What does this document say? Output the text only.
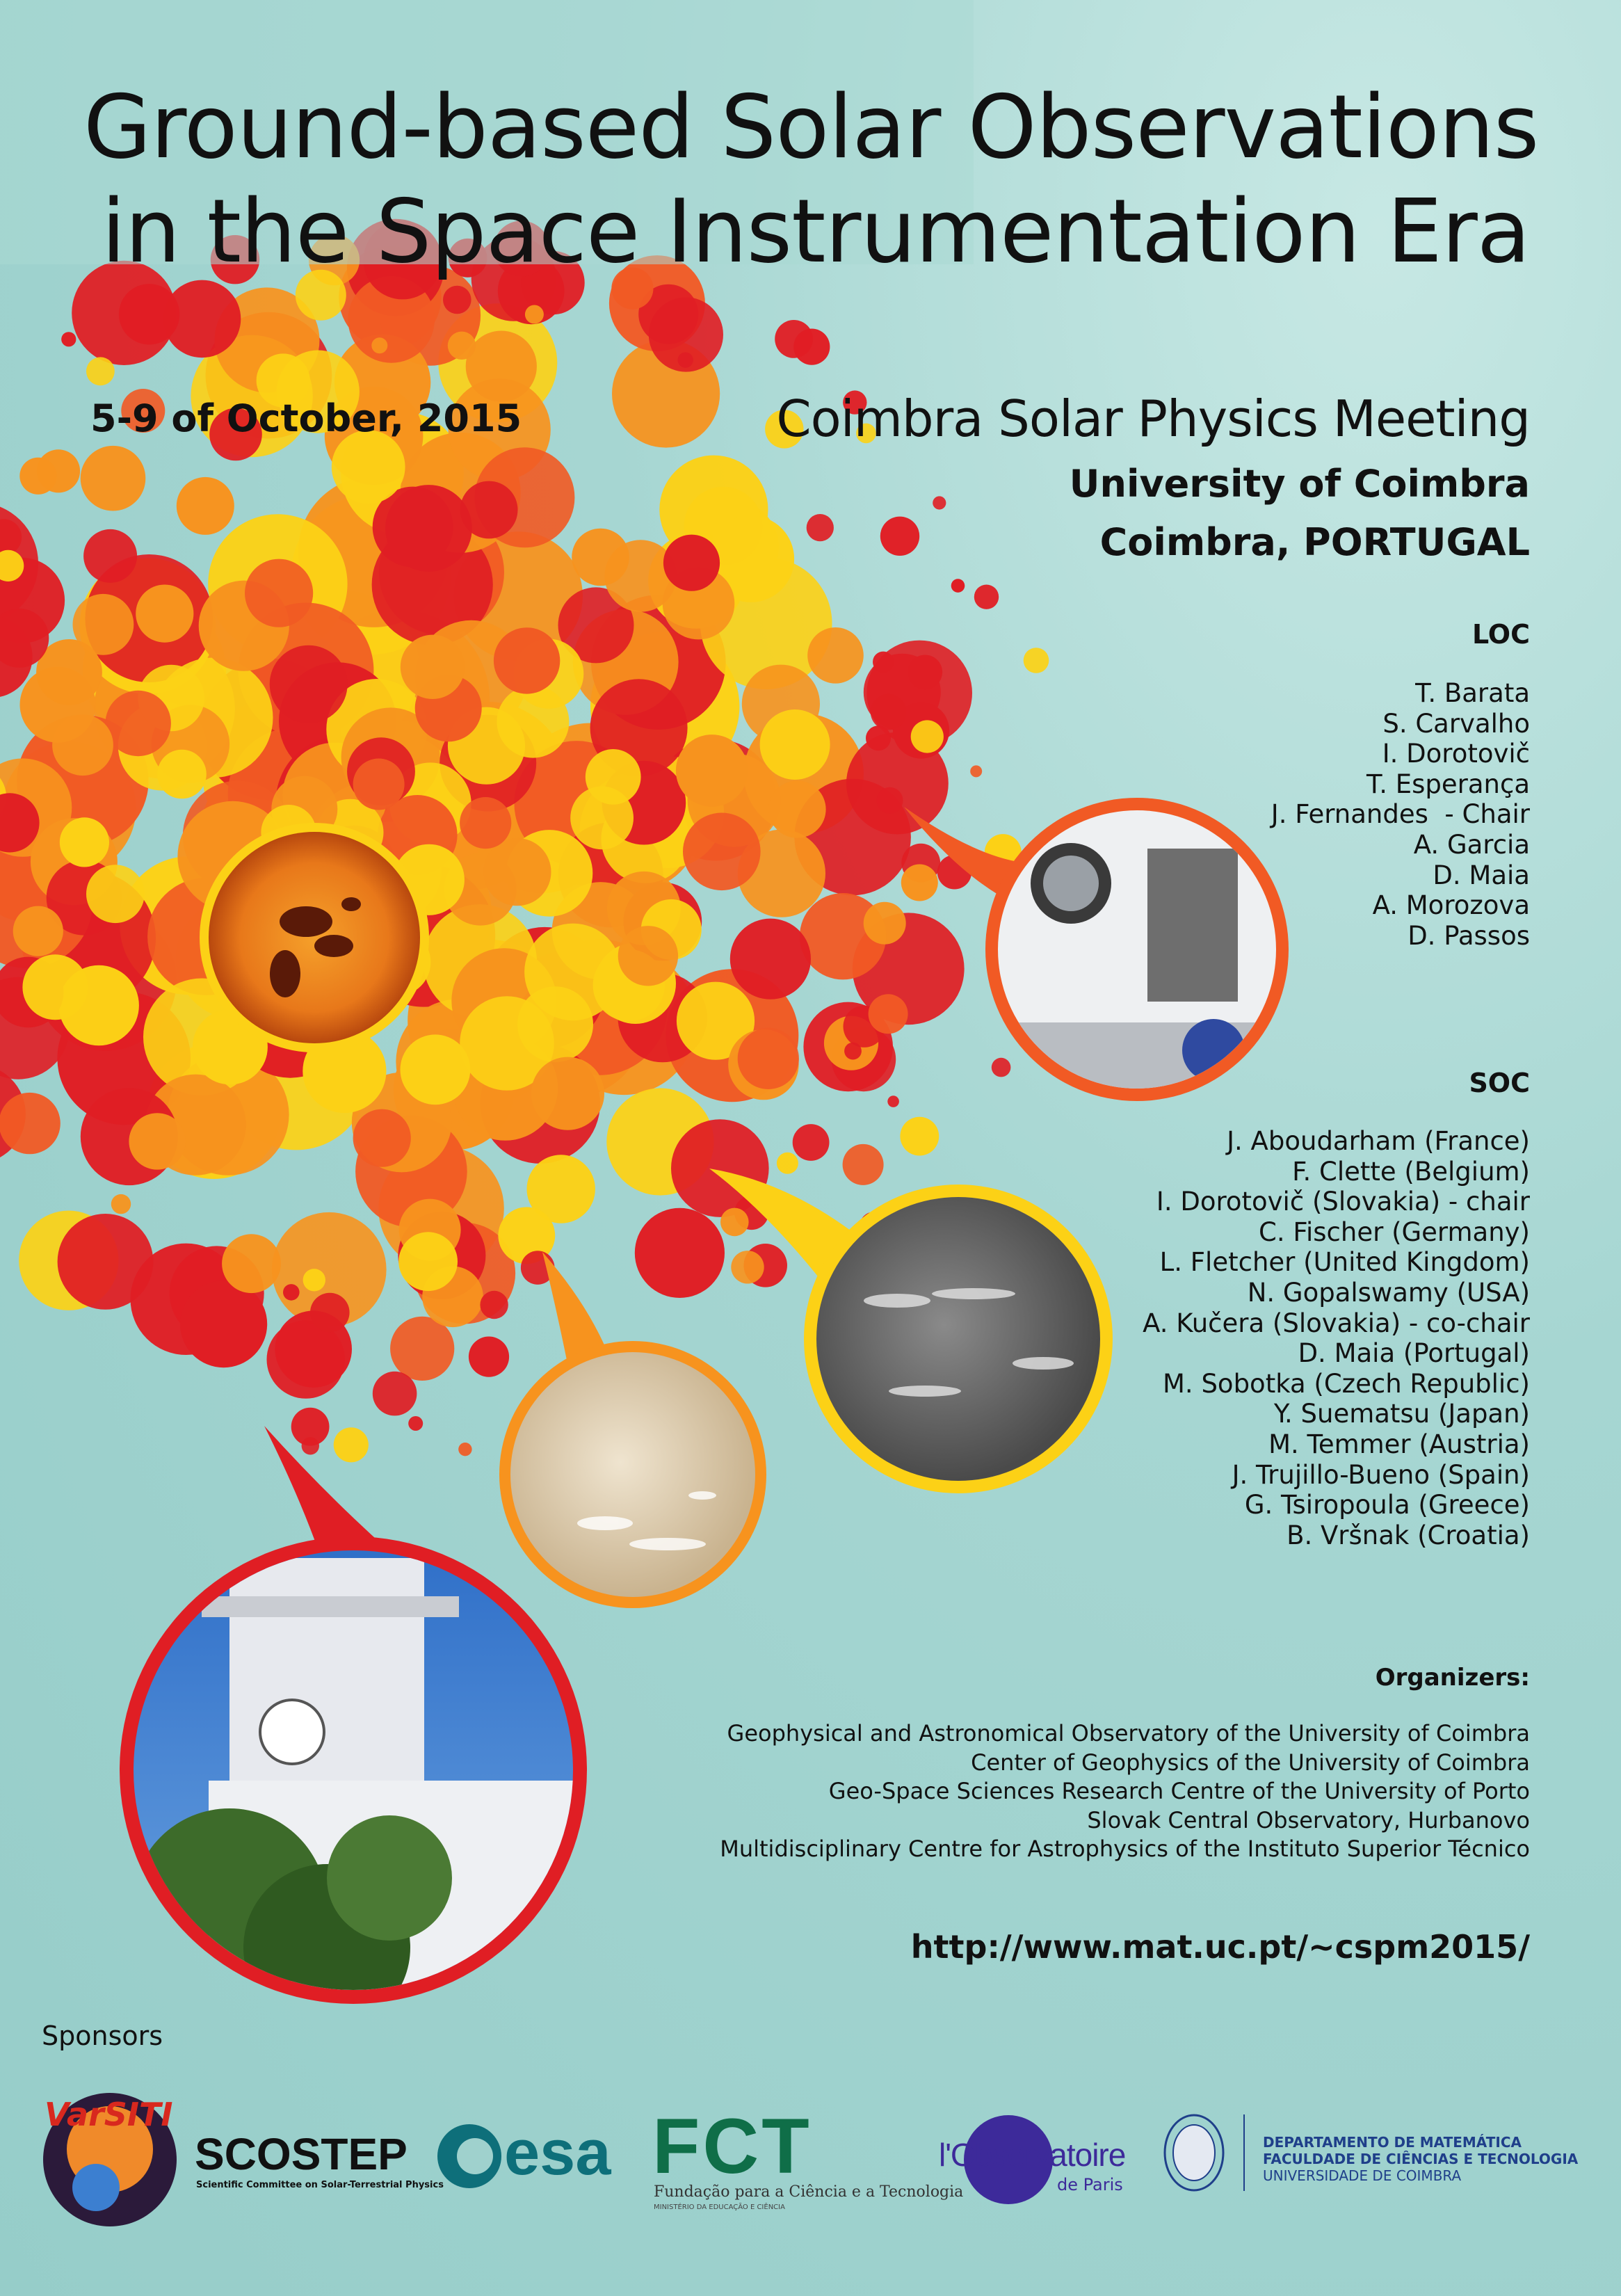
Ground-based Solar Observations
in the Space Instrumentation Era

5-9 of October, 2015	Coimbra Solar Physics Meeting

University of Coimbra

Coimbra, PORTUGAL

LOC

T. Barata
S. Carvalho
I. Dorotovič
T. Esperança
J. Fernandes  - Chair
A. Garcia
D. Maia
A. Morozova
D. Passos

SOC

J. Aboudarham (France)
F. Clette (Belgium)
I. Dorotovič (Slovakia) - chair
C. Fischer (Germany)
L. Fletcher (United Kingdom)
N. Gopalswamy (USA)
A. Kučera (Slovakia) - co-chair
D. Maia (Portugal)
M. Sobotka (Czech Republic)
Y. Suematsu (Japan)
M. Temmer (Austria)
J. Trujillo-Bueno (Spain)
G. Tsiropoula (Greece)
B. Vršnak (Croatia)

Organizers:

Geophysical and Astronomical Observatory of the University of Coimbra
Center of Geophysics of the University of Coimbra
Geo-Space Sciences Research Centre of the University of Porto
Slovak Central Observatory, Hurbanovo
Multidisciplinary Centre for Astrophysics of the Instituto Superior Técnico
http://www.mat.uc.pt/~cspm2015/

Sponsors

VarSITI
SCOSTEP
Scientific Committee on Solar-Terrestrial Physics esa FCT
Fundação para a Ciência e a Tecnologia
MINISTÉRIO DA EDUCAÇÃO E CIÊNCIA
l'Observatoire
de Paris
DEPARTAMENTO DE MATEMÁTICA
FACULDADE DE CIÊNCIAS E TECNOLOGIA
UNIVERSIDADE DE COIMBRA
